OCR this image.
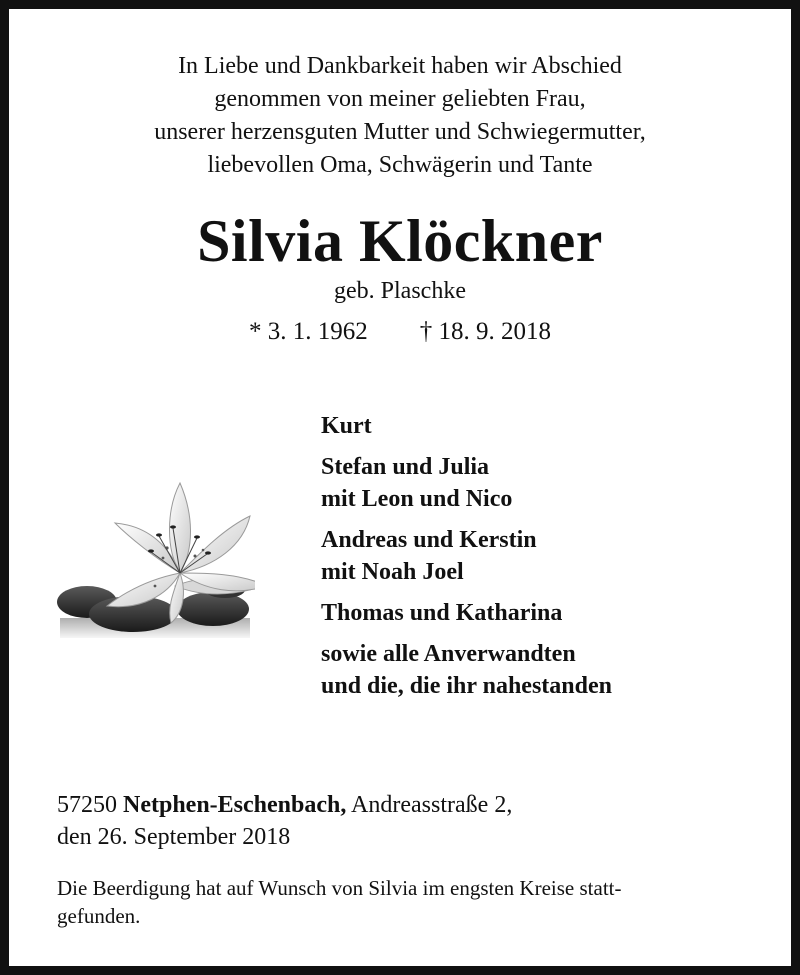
In Liebe und Dankbarkeit haben wir Abschied
genommen von meiner geliebten Frau,
unserer herzensguten Mutter und Schwiegermutter,
liebevollen Oma, Schwägerin und Tante
Silvia Klöckner
geb. Plaschke
* 3. 1. 1962 † 18. 9. 2018
Kurt
Stefan und Julia
mit Leon und Nico
Andreas und Kerstin
mit Noah Joel
Thomas und Katharina
sowie alle Anverwandten
und die, die ihr nahestanden
57250 Netphen-Eschenbach, Andreasstraße 2,
den 26. September 2018
Die Beerdigung hat auf Wunsch von Silvia im engsten Kreise statt-
gefunden.
